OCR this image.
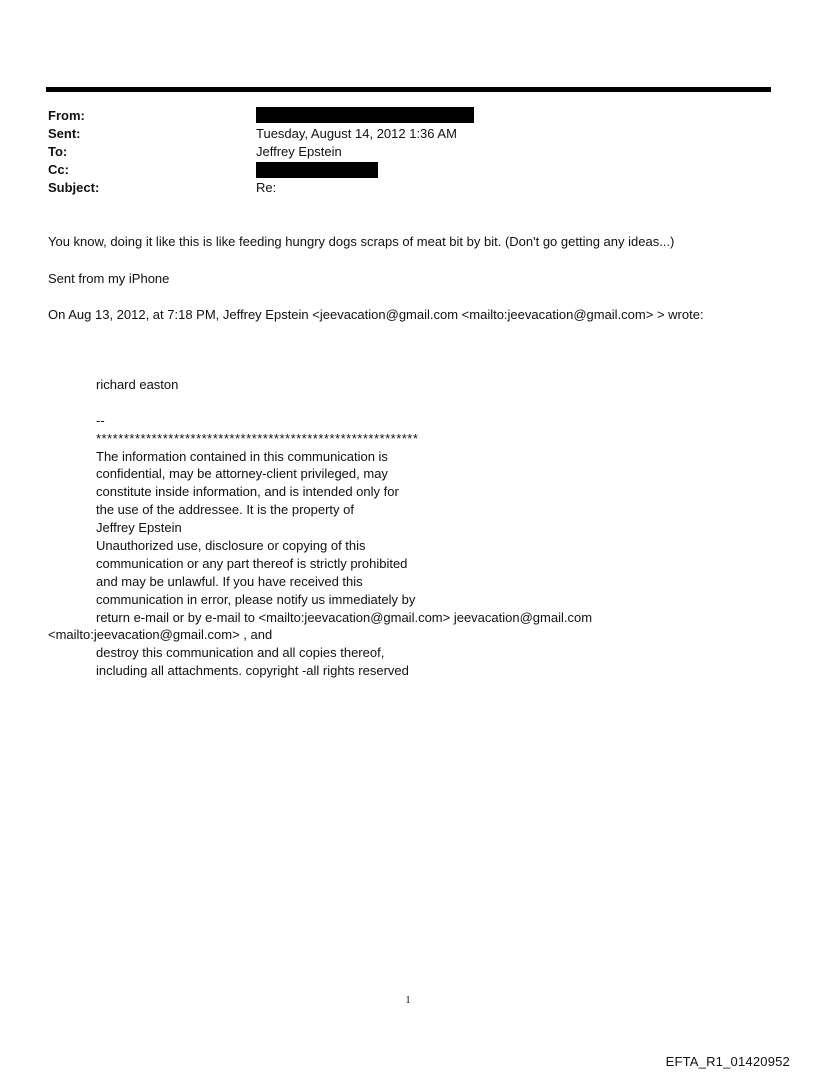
From:
Sent:	Tuesday, August 14, 2012 1:36 AM
To:	Jeffrey Epstein
Cc:
Subject:	Re:
You know, doing it like this is like feeding hungry dogs scraps of meat bit by bit. (Don't go getting any ideas...)
Sent from my iPhone
On Aug 13, 2012, at 7:18 PM, Jeffrey Epstein <jeevacation@gmail.com <mailto:jeevacation@gmail.com> > wrote:
richard easton
--
**********************************************************
The information contained in this communication is
confidential, may be attorney-client privileged, may
constitute inside information, and is intended only for
the use of the addressee. It is the property of
Jeffrey Epstein
Unauthorized use, disclosure or copying of this
communication or any part thereof is strictly prohibited
and may be unlawful. If you have received this
communication in error, please notify us immediately by
return e-mail or by e-mail to <mailto:jeevacation@gmail.com> jeevacation@gmail.com
<mailto:jeevacation@gmail.com> , and
destroy this communication and all copies thereof,
including all attachments. copyright -all rights reserved
1
EFTA_R1_01420952
